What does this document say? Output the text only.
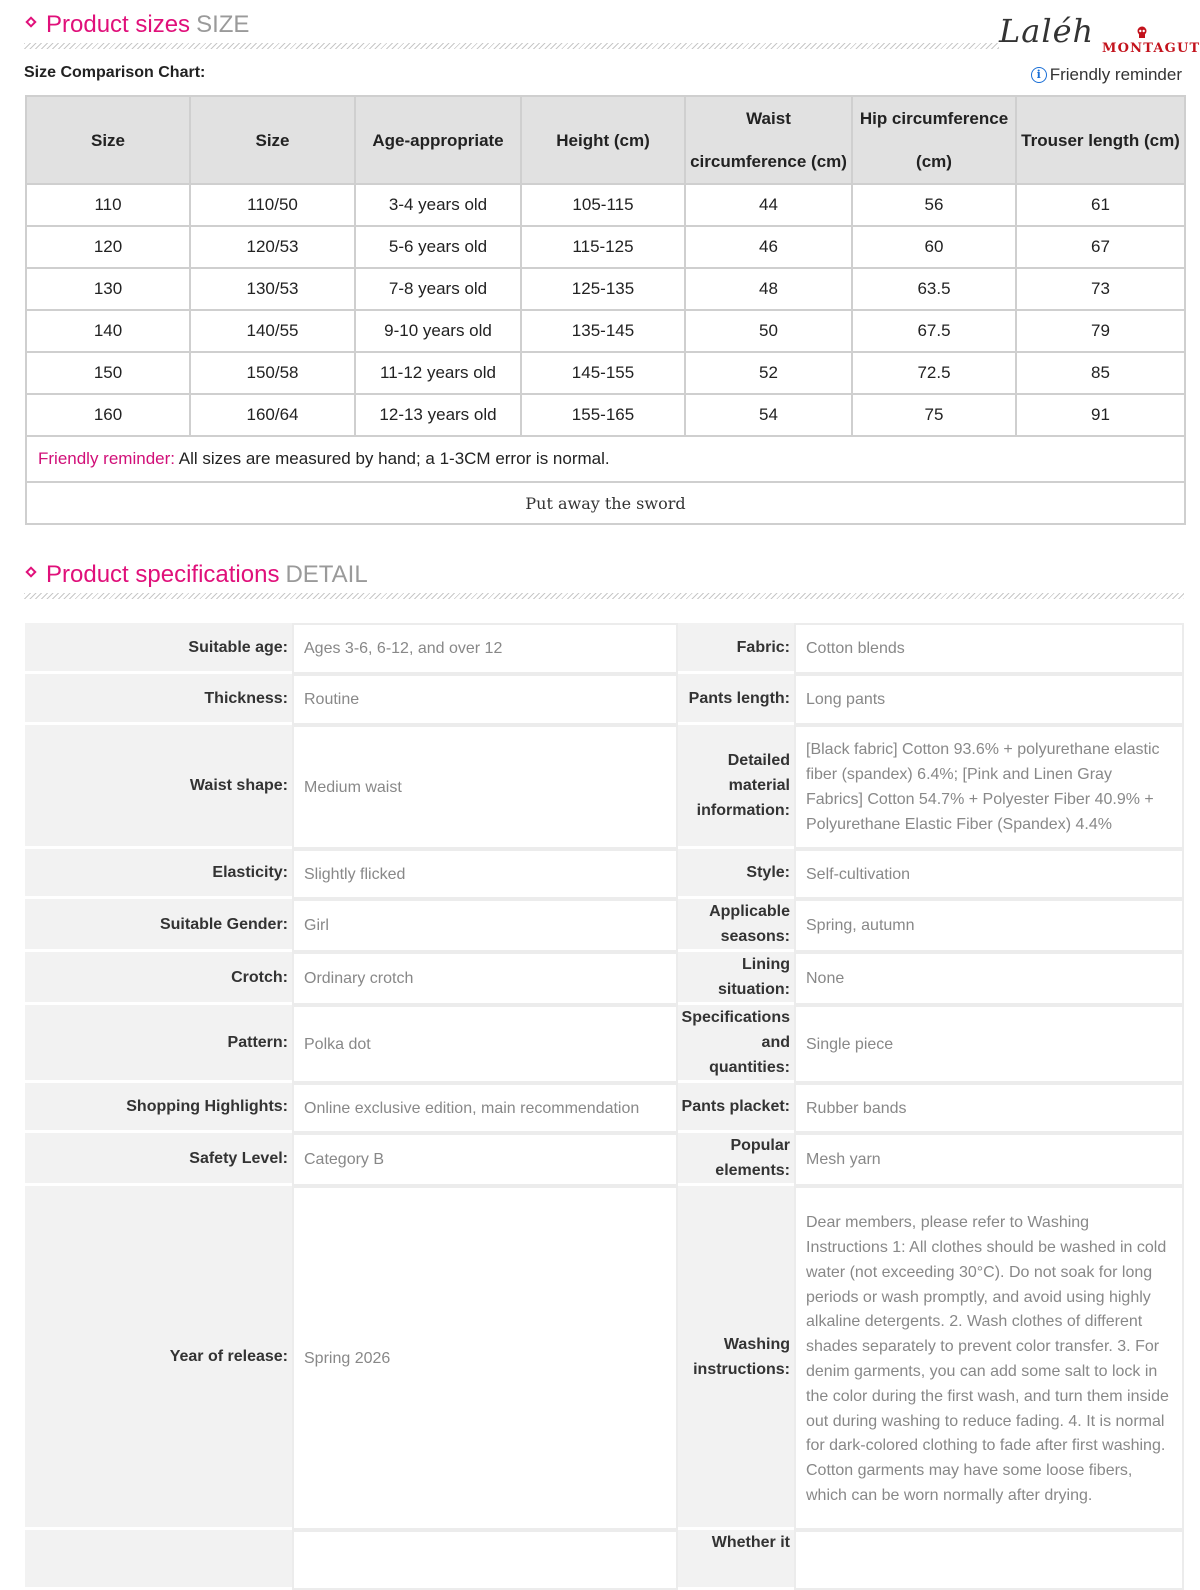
Product sizes SIZE	Laléh MONTAGUT
i Friendly reminder
Size Comparison Chart:
Size	Size	Age-appropriate	Height (cm)	Waist circumference (cm)	Hip circumference (cm)	Trouser length (cm)
110	110/50	3-4 years old	105-115	44	56	61
120	120/53	5-6 years old	115-125	46	60	67
130	130/53	7-8 years old	125-135	48	63.5	73
140	140/55	9-10 years old	135-145	50	67.5	79
150	150/58	11-12 years old	145-155	52	72.5	85
160	160/64	12-13 years old	155-165	54	75	91
Friendly reminder: All sizes are measured by hand; a 1-3CM error is normal.						
Put away the sword						
Product specifications DETAIL
Suitable age:	Ages 3-6, 6-12, and over 12	Fabric:	Cotton blends
Thickness:	Routine	Pants length:	Long pants
Waist shape:	Medium waist	Detailed material information:	[Black fabric] Cotton 93.6% + polyurethane elastic fiber (spandex) 6.4%; [Pink and Linen Gray Fabrics] Cotton 54.7% + Polyester Fiber 40.9% + Polyurethane Elastic Fiber (Spandex) 4.4%
Elasticity:	Slightly flicked	Style:	Self-cultivation
Suitable Gender:	Girl	Applicable seasons:	Spring, autumn
Crotch:	Ordinary crotch	Lining situation:	None
Pattern:	Polka dot	Specifications and quantities:	Single piece
Shopping Highlights:	Online exclusive edition, main recommendation	Pants placket:	Rubber bands
Safety Level:	Category B	Popular elements:	Mesh yarn
Year of release:	Spring 2026	Washing instructions:	Dear members, please refer to Washing Instructions 1: All clothes should be washed in cold water (not exceeding 30°C). Do not soak for long periods or wash promptly, and avoid using highly alkaline detergents. 2. Wash clothes of different shades separately to prevent color transfer. 3. For denim garments, you can add some salt to lock in the color during the first wash, and turn them inside out during washing to reduce fading. 4. It is normal for dark-colored clothing to fade after first washing. Cotton garments may have some loose fibers, which can be worn normally after drying.
		Whether it	
